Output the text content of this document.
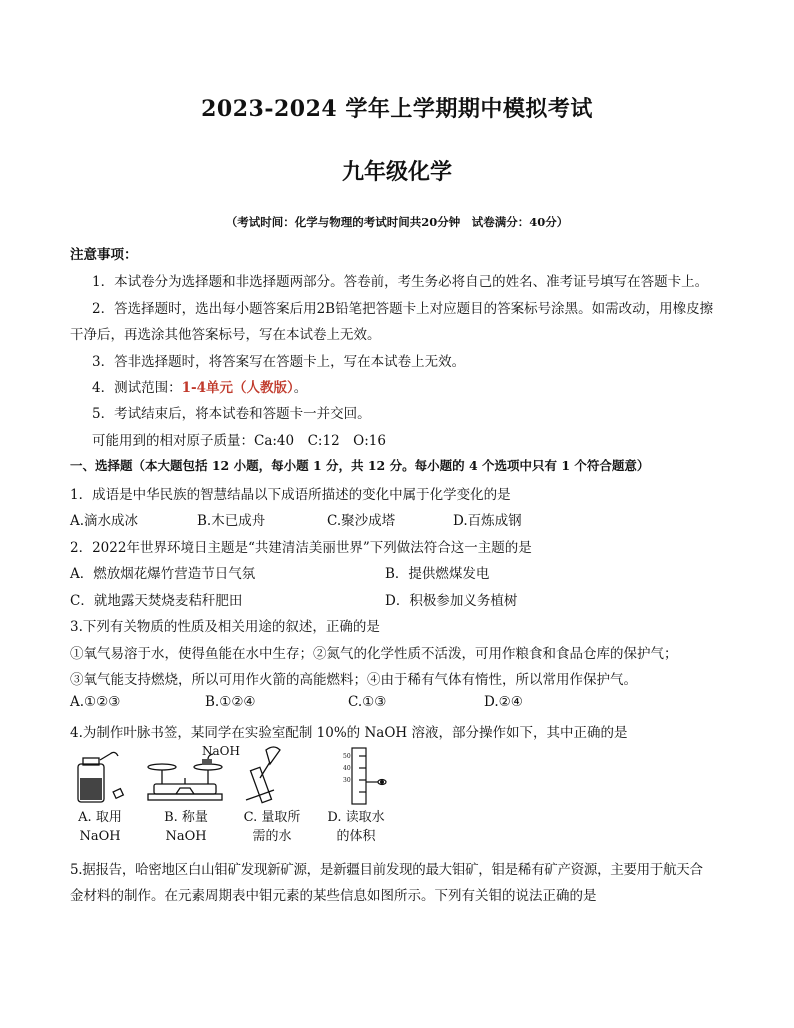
2023-2024 学年上学期期中模拟考试
九年级化学
（考试时间：化学与物理的考试时间共20分钟　试卷满分：40分）
注意事项：
1．本试卷分为选择题和非选择题两部分。答卷前，考生务必将自己的姓名、准考证号填写在答题卡上。
2．答选择题时，选出每小题答案后用2B铅笔把答题卡上对应题目的答案标号涂黑。如需改动，用橡皮擦
干净后，再选涂其他答案标号，写在本试卷上无效。
3．答非选择题时，将答案写在答题卡上，写在本试卷上无效。
4．测试范围：1-4单元（人教版）。
5．考试结束后，将本试卷和答题卡一并交回。
可能用到的相对原子质量：Ca:40　C:12　O:16
一、选择题（本大题包括 12 小题，每小题 1 分，共 12 分。每小题的 4 个选项中只有 1 个符合题意）
1．成语是中华民族的智慧结晶以下成语所描述的变化中属于化学变化的是
A.滴水成冰	B.木已成舟	C.聚沙成塔	D.百炼成钢
2．2022年世界环境日主题是“共建清洁美丽世界”下列做法符合这一主题的是
A．燃放烟花爆竹营造节日气氛	B．提供燃煤发电
C．就地露天焚烧麦秸秆肥田	D．积极参加义务植树
3.下列有关物质的性质及相关用途的叙述，正确的是
①氧气易溶于水，使得鱼能在水中生存；②氮气的化学性质不活泼，可用作粮食和食品仓库的保护气；
③氧气能支持燃烧，所以可用作火箭的高能燃料；④由于稀有气体有惰性，所以常用作保护气。
A.①②③	B.①②④	C.①③	D.②④
4.为制作叶脉书签，某同学在实验室配制 10%的 NaOH 溶液，部分操作如下，其中正确的是
NaOH	50
40
30
A. 取用
NaOH
B. 称量
NaOH
C. 量取所
需的水
D. 读取水
的体积
5.据报告，哈密地区白山钼矿发现新矿源，是新疆目前发现的最大钼矿，钼是稀有矿产资源，主要用于航天合
金材料的制作。在元素周期表中钼元素的某些信息如图所示。下列有关钼的说法正确的是
